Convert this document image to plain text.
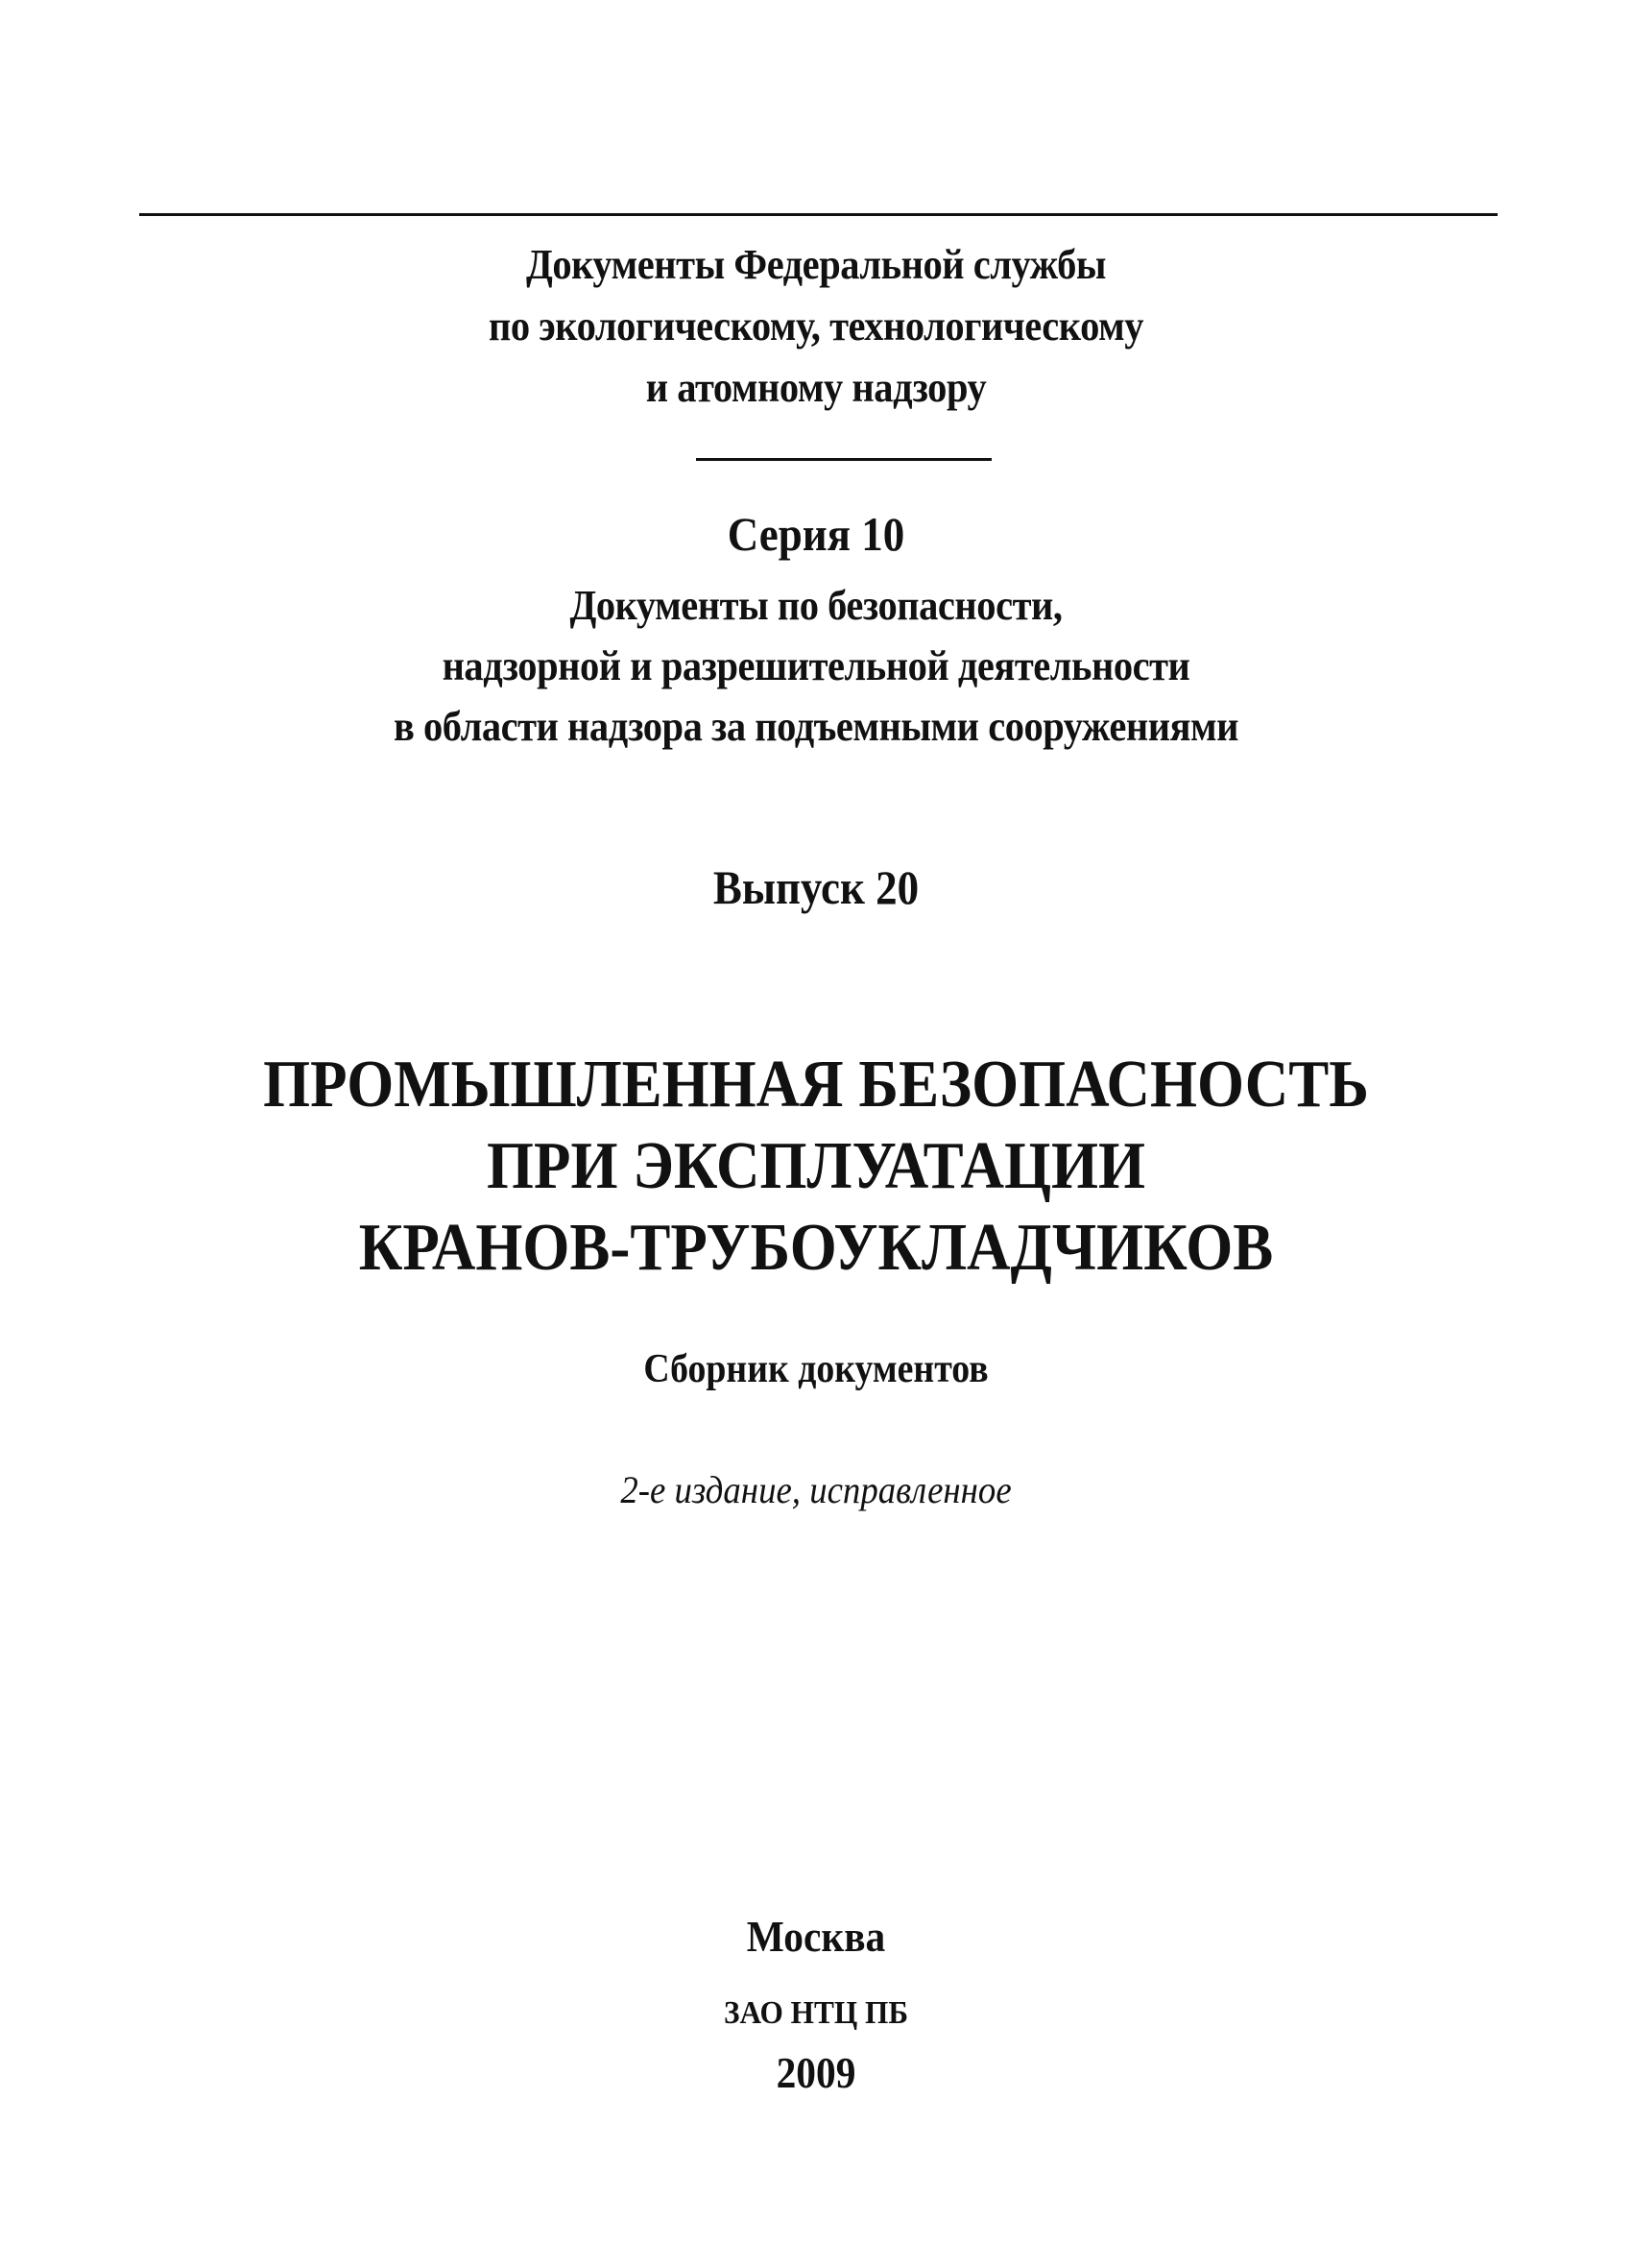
Документы Федеральной службы
по экологическому, технологическому
и атомному надзору
Серия 10
Документы по безопасности,
надзорной и разрешительной деятельности
в области надзора за подъемными сооружениями
Выпуск 20
ПРОМЫШЛЕННАЯ БЕЗОПАСНОСТЬ
ПРИ ЭКСПЛУАТАЦИИ
КРАНОВ-ТРУБОУКЛАДЧИКОВ
Сборник документов
2-е издание, исправленное
Москва
ЗАО НТЦ ПБ
2009
